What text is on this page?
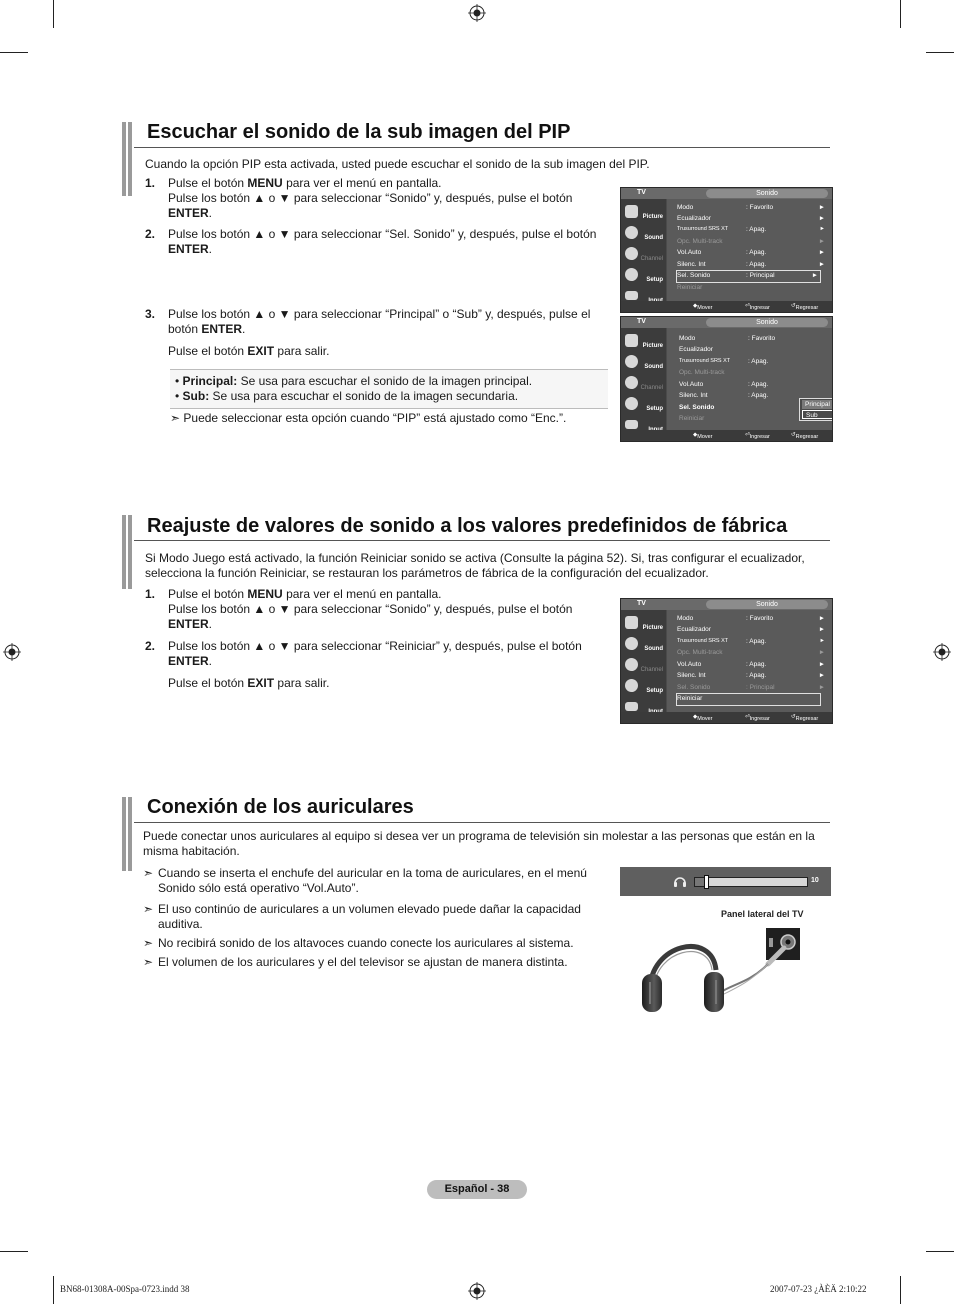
Escuchar el sonido de la sub imagen del PIP
Cuando la opción PIP esta activada, usted puede escuchar el sonido de la sub imagen del PIP.
1. Pulse el botón MENU para ver el menú en pantalla.
Pulse los botón ▲ o ▼ para seleccionar “Sonido” y, después, pulse el botón
ENTER.
2. Pulse los botón ▲ o ▼ para seleccionar “Sel. Sonido” y, después, pulse el botón
ENTER.
3. Pulse los botón ▲ o ▼ para seleccionar “Principal” o “Sub” y, después, pulse el
botón ENTER.
Pulse el botón EXIT para salir.
• Principal: Se usa para escuchar el sonido de la imagen principal.
• Sub: Se usa para escuchar el sonido de la imagen secundaria.
➣ Puede seleccionar esta opción cuando “PIP” está ajustado como “Enc.”.
TV	Sonido
Picture
Sound
Channel
Setup
Modo	: Favorito	►
Ecualizador	►
Trusurround SRS XT	: Apag.	►
Opc. Multi-track	►
Vol.Auto	: Apag.	►
Silenc. Int	: Apag.	►
Sel. Sonido	: Principal	►
Reiniciar
◆ Mover	⏎ Ingresar	↺ Regresar
TV	Sonido
Picture
Sound
Channel
Setup
Modo	: Favorito
Ecualizador
Trusurround SRS XT	: Apag.
Opc. Multi-track
Vol.Auto	: Apag.
Silenc. Int	: Apag.
Sel. Sonido
Reiniciar
Principal
Sub
◆ Mover	⏎ Ingresar	↺ Regresar
Reajuste de valores de sonido a los valores predefinidos de fábrica
Si Modo Juego está activado, la función Reiniciar sonido se activa (Consulte la página 52). Si, tras configurar el ecualizador,
selecciona la función Reiniciar, se restauran los parámetros de fábrica de la configuración del ecualizador.
1. Pulse el botón MENU para ver el menú en pantalla.
Pulse los botón ▲ o ▼ para seleccionar “Sonido” y, después, pulse el botón
ENTER.
2. Pulse los botón ▲ o ▼ para seleccionar “Reiniciar” y, después, pulse el botón
ENTER.
Pulse el botón EXIT para salir.
TV	Sonido
Picture
Sound
Channel
Setup
Modo	: Favorito	►
Ecualizador	►
Trusurround SRS XT	: Apag.	►
Opc. Multi-track	►
Vol.Auto	: Apag.	►
Silenc. Int	: Apag.	►
Sel. Sonido	: Principal	►
Reiniciar
◆ Mover	⏎ Ingresar	↺ Regresar
Conexión de los auriculares
Puede conectar unos auriculares al equipo si desea ver un programa de televisión sin molestar a las personas que están en la
misma habitación.
➣ Cuando se inserta el enchufe del auricular en la toma de auriculares, en el menú
Sonido sólo está operativo “Vol.Auto”.
➣ El uso continúo de auriculares a un volumen elevado puede dañar la capacidad
auditiva.
➣ No recibirá sonido de los altavoces cuando conecte los auriculares al sistema.
➣ El volumen de los auriculares y el del televisor se ajustan de manera distinta.
10
Panel lateral del TV
Español - 38
BN68-01308A-00Spa-0723.indd 38	2007-07-23 ¿ÀÈÄ 2:10:22
